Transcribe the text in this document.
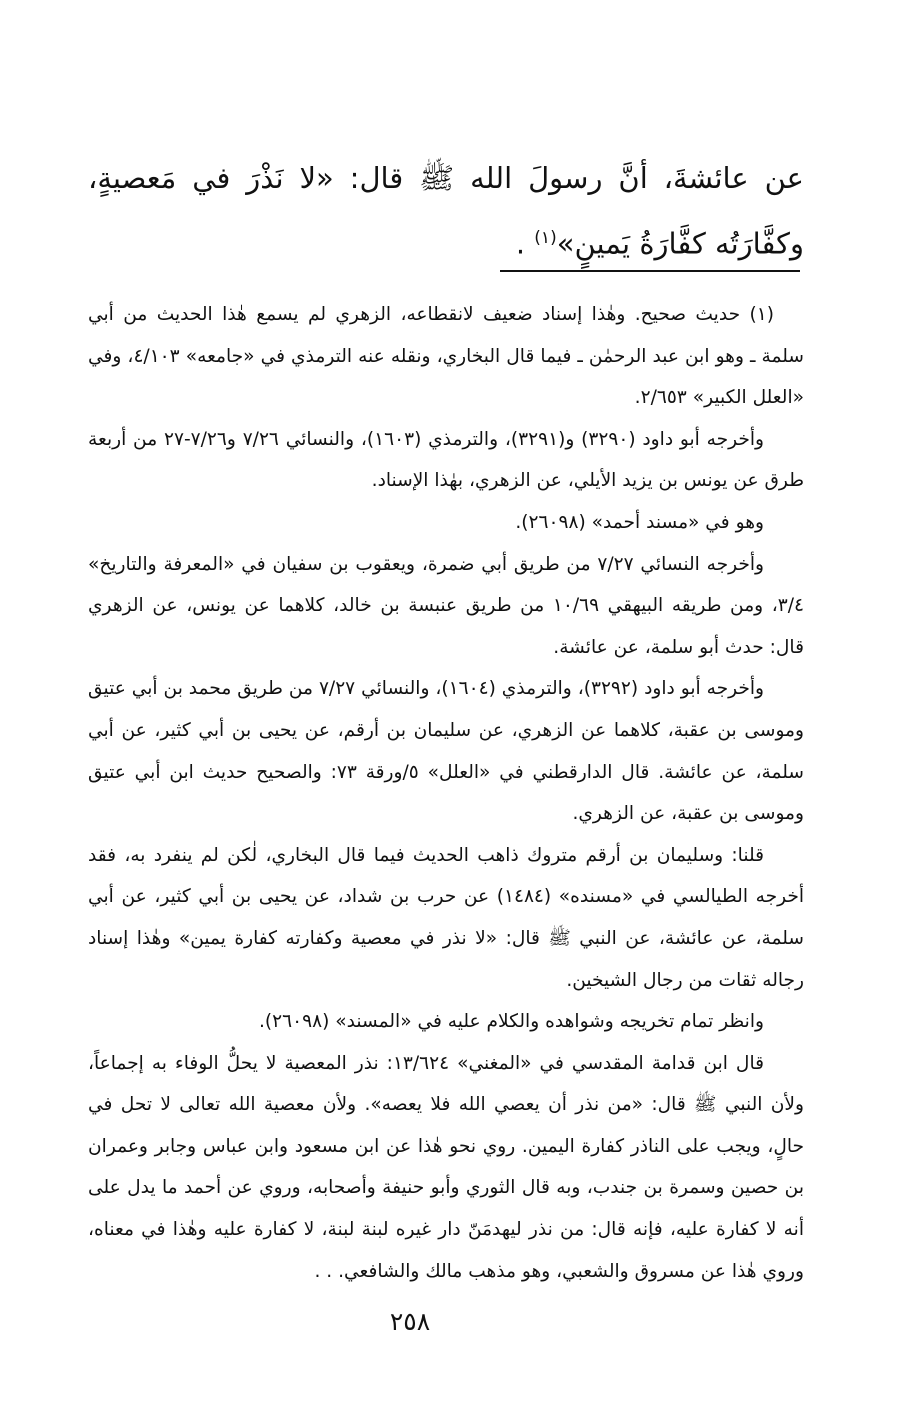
عن عائشةَ، أنَّ رسولَ الله ﷺ قال: «لا نَذْرَ في مَعصيةٍ، وكفَّارَتُه كفَّارَةُ يَمينٍ»$^{(١)}$ .

(١) حديث صحيح. وهٰذا إسناد ضعيف لانقطاعه، الزهري لم يسمع هٰذا الحديث من أبي سلمة ـ وهو ابن عبد الرحمٰن ـ فيما قال البخاري، ونقله عنه الترمذي في «جامعه» ٤/١٠٣، وفي «العلل الكبير» ٢/٦٥٣.

وأخرجه أبو داود (٣٢٩٠) و(٣٢٩١)، والترمذي (١٦٠٣)، والنسائي ٧/٢٦ و٧/٢٦-٢٧ من أربعة طرق عن يونس بن يزيد الأيلي، عن الزهري، بهٰذا الإسناد.

وهو في «مسند أحمد» (٢٦٠٩٨).

وأخرجه النسائي ٧/٢٧ من طريق أبي ضمرة، ويعقوب بن سفيان في «المعرفة والتاريخ» ٣/٤، ومن طريقه البيهقي ١٠/٦٩ من طريق عنبسة بن خالد، كلاهما عن يونس، عن الزهري قال: حدث أبو سلمة، عن عائشة.

وأخرجه أبو داود (٣٢٩٢)، والترمذي (١٦٠٤)، والنسائي ٧/٢٧ من طريق محمد بن أبي عتيق وموسى بن عقبة، كلاهما عن الزهري، عن سليمان بن أرقم، عن يحيى بن أبي كثير، عن أبي سلمة، عن عائشة. قال الدارقطني في «العلل» ٥/ورقة ٧٣: والصحيح حديث ابن أبي عتيق وموسى بن عقبة، عن الزهري.

قلنا: وسليمان بن أرقم متروك ذاهب الحديث فيما قال البخاري، لٰكن لم ينفرد به، فقد أخرجه الطيالسي في «مسنده» (١٤٨٤) عن حرب بن شداد، عن يحيى بن أبي كثير، عن أبي سلمة، عن عائشة، عن النبي ﷺ قال: «لا نذر في معصية وكفارته كفارة يمين» وهٰذا إسناد رجاله ثقات من رجال الشيخين.

وانظر تمام تخريجه وشواهده والكلام عليه في «المسند» (٢٦٠٩٨).

قال ابن قدامة المقدسي في «المغني» ١٣/٦٢٤: نذر المعصية لا يحلُّ الوفاء به إجماعاً، ولأن النبي ﷺ قال: «من نذر أن يعصي الله فلا يعصه». ولأن معصية الله تعالى لا تحل في حالٍ، ويجب على الناذر كفارة اليمين. روي نحو هٰذا عن ابن مسعود وابن عباس وجابر وعمران بن حصين وسمرة بن جندب، وبه قال الثوري وأبو حنيفة وأصحابه، وروي عن أحمد ما يدل على أنه لا كفارة عليه، فإنه قال: من نذر ليهدمَنّ دار غيره لبنة لبنة، لا كفارة عليه وهٰذا في معناه، وروي هٰذا عن مسروق والشعبي، وهو مذهب مالك والشافعي. . .

٢٥٨
